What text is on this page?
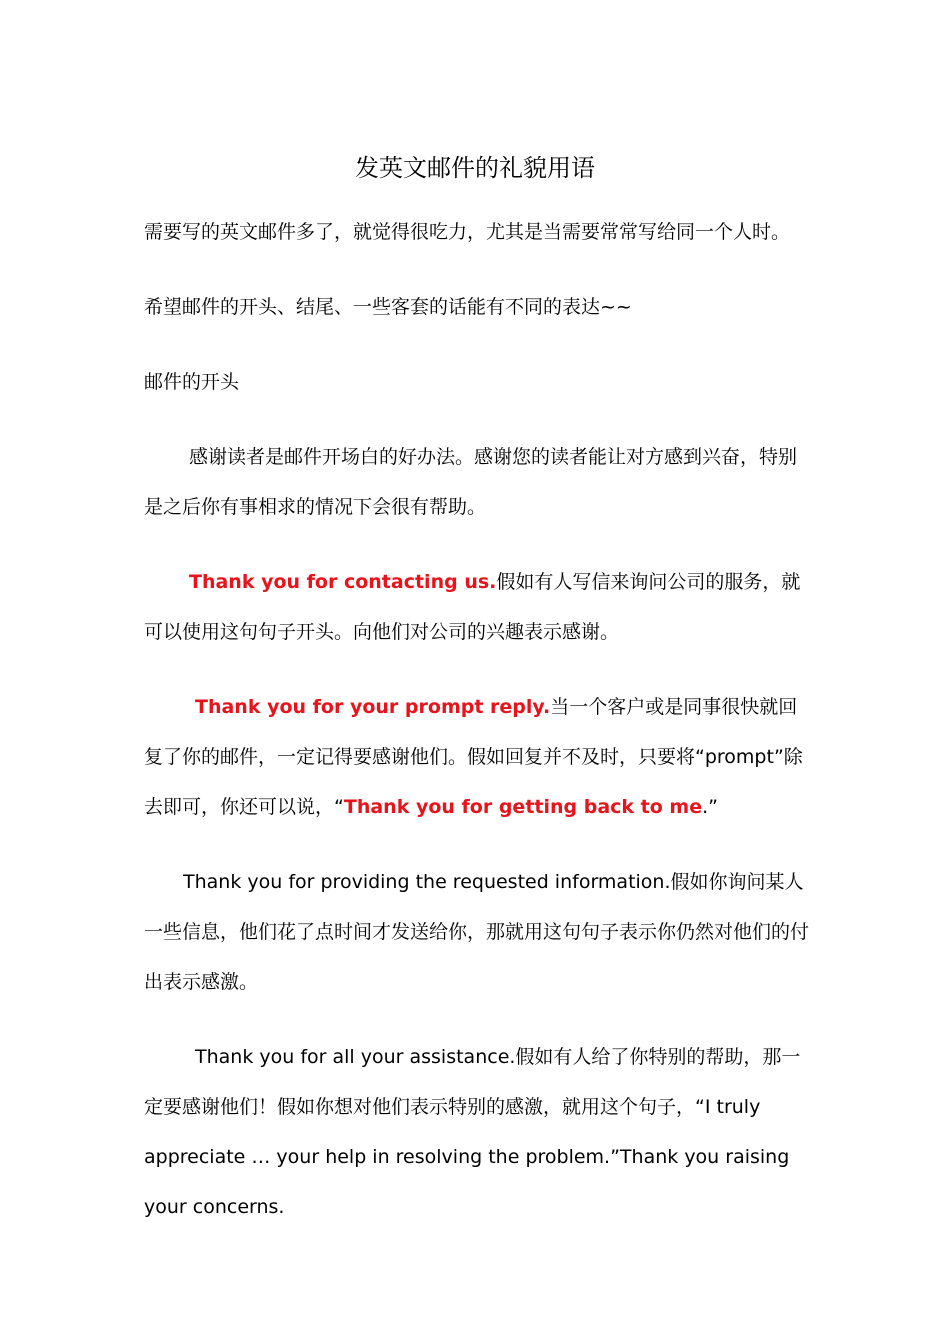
发英文邮件的礼貌用语

需要写的英文邮件多了，就觉得很吃力，尤其是当需要常常写给同一个人时。

希望邮件的开头、结尾、一些客套的话能有不同的表达~~

邮件的开头

感谢读者是邮件开场白的好办法。感谢您的读者能让对方感到兴奋，特别是之后你有事相求的情况下会很有帮助。

Thank you for contacting us.假如有人写信来询问公司的服务，就可以使用这句句子开头。向他们对公司的兴趣表示感谢。

Thank you for your prompt reply.当一个客户或是同事很快就回复了你的邮件，一定记得要感谢他们。假如回复并不及时，只要将“prompt”除去即可，你还可以说，“Thank you for getting back to me.”

Thank you for providing the requested information.假如你询问某人一些信息，他们花了点时间才发送给你，那就用这句句子表示你仍然对他们的付出表示感激。

Thank you for all your assistance.假如有人给了你特别的帮助，那一定要感谢他们！假如你想对他们表示特别的感激，就用这个句子，“I truly appreciate … your help in resolving the problem.”Thank you raising your concerns.
